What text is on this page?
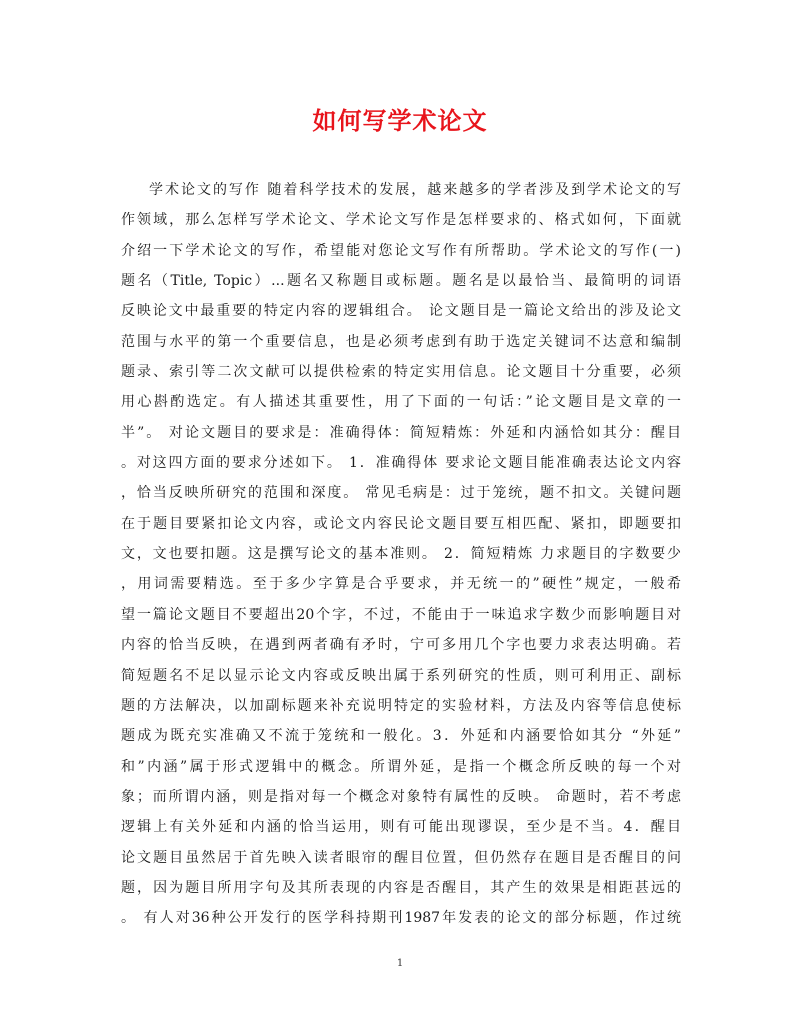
如何写学术论文
学术论文的写作 随着科学技术的发展，越来越多的学者涉及到学术论文的写
作领域，那么怎样写学术论文、学术论文写作是怎样要求的、格式如何，下面就
介绍一下学术论文的写作，希望能对您论文写作有所帮助。学术论文的写作(一)
题名（Title, Topic）...题名又称题目或标题。题名是以最恰当、最简明的词语
反映论文中最重要的特定内容的逻辑组合。 论文题目是一篇论文给出的涉及论文
范围与水平的第一个重要信息，也是必须考虑到有助于选定关键词不达意和编制
题录、索引等二次文献可以提供检索的特定实用信息。论文题目十分重要，必须
用心斟酌选定。有人描述其重要性，用了下面的一句话：”论文题目是文章的一
半”。 对论文题目的要求是：准确得体：简短精炼：外延和内涵恰如其分：醒目
。对这四方面的要求分述如下。 1．准确得体 要求论文题目能准确表达论文内容
，恰当反映所研究的范围和深度。 常见毛病是：过于笼统，题不扣文。关键问题
在于题目要紧扣论文内容，或论文内容民论文题目要互相匹配、紧扣，即题要扣
文，文也要扣题。这是撰写论文的基本准则。 2．简短精炼 力求题目的字数要少
，用词需要精选。至于多少字算是合乎要求，并无统一的”硬性”规定，一般希
望一篇论文题目不要超出20个字，不过，不能由于一味追求字数少而影响题目对
内容的恰当反映，在遇到两者确有矛时，宁可多用几个字也要力求表达明确。若
简短题名不足以显示论文内容或反映出属于系列研究的性质，则可利用正、副标
题的方法解决，以加副标题来补充说明特定的实验材料，方法及内容等信息使标
题成为既充实准确又不流于笼统和一般化。3．外延和内涵要恰如其分 “外延”
和”内涵”属于形式逻辑中的概念。所谓外延，是指一个概念所反映的每一个对
象；而所谓内涵，则是指对每一个概念对象特有属性的反映。 命题时，若不考虑
逻辑上有关外延和内涵的恰当运用，则有可能出现谬误，至少是不当。4．醒目
论文题目虽然居于首先映入读者眼帘的醒目位置，但仍然存在题目是否醒目的问
题，因为题目所用字句及其所表现的内容是否醒目，其产生的效果是相距甚远的
。 有人对36种公开发行的医学科持期刊1987年发表的论文的部分标题，作过统
1
